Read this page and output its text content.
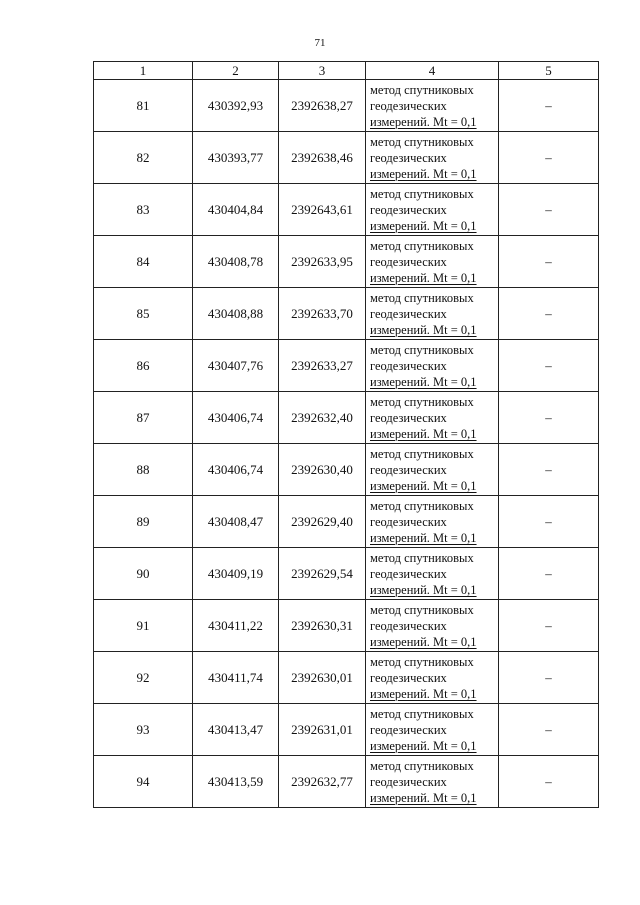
71
1	2	3	4	5
81	430392,93	2392638,27	метод спутниковых
геодезических
измерений. Mt = 0,1	–
82	430393,77	2392638,46	метод спутниковых
геодезических
измерений. Mt = 0,1	–
83	430404,84	2392643,61	метод спутниковых
геодезических
измерений. Mt = 0,1	–
84	430408,78	2392633,95	метод спутниковых
геодезических
измерений. Mt = 0,1	–
85	430408,88	2392633,70	метод спутниковых
геодезических
измерений. Mt = 0,1	–
86	430407,76	2392633,27	метод спутниковых
геодезических
измерений. Mt = 0,1	–
87	430406,74	2392632,40	метод спутниковых
геодезических
измерений. Mt = 0,1	–
88	430406,74	2392630,40	метод спутниковых
геодезических
измерений. Mt = 0,1	–
89	430408,47	2392629,40	метод спутниковых
геодезических
измерений. Mt = 0,1	–
90	430409,19	2392629,54	метод спутниковых
геодезических
измерений. Mt = 0,1	–
91	430411,22	2392630,31	метод спутниковых
геодезических
измерений. Mt = 0,1	–
92	430411,74	2392630,01	метод спутниковых
геодезических
измерений. Mt = 0,1	–
93	430413,47	2392631,01	метод спутниковых
геодезических
измерений. Mt = 0,1	–
94	430413,59	2392632,77	метод спутниковых
геодезических
измерений. Mt = 0,1	–
